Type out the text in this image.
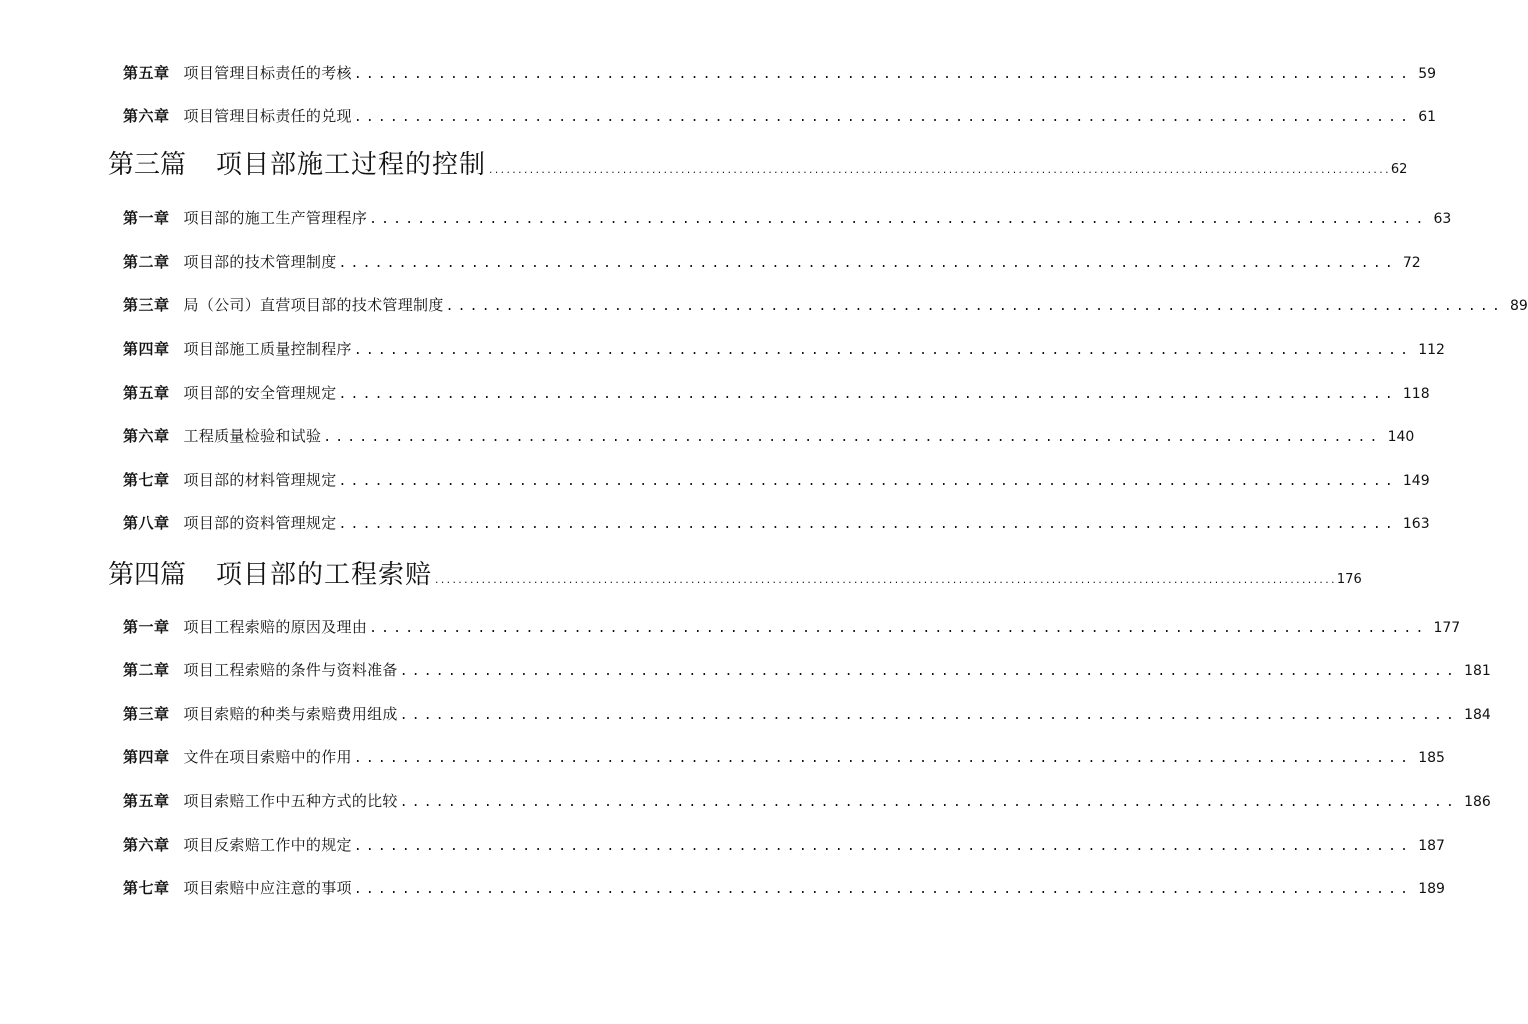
第五章 项目管理目标责任的考核 ........................................................................................ 59
第六章 项目管理目标责任的兑现 ........................................................................................ 61
第三篇 项目部施工过程的控制 ........................................................................................................................................................... 62
第一章 项目部的施工生产管理程序 ........................................................................................ 63
第二章 项目部的技术管理制度 ........................................................................................ 72
第三章 局（公司）直营项目部的技术管理制度 ........................................................................................ 89
第四章 项目部施工质量控制程序 ........................................................................................ 112
第五章 项目部的安全管理规定 ........................................................................................ 118
第六章 工程质量检验和试验 ........................................................................................ 140
第七章 项目部的材料管理规定 ........................................................................................ 149
第八章 项目部的资料管理规定 ........................................................................................ 163
第四篇 项目部的工程索赔 ........................................................................................................................................................... 176
第一章 项目工程索赔的原因及理由 ........................................................................................ 177
第二章 项目工程索赔的条件与资料准备 ........................................................................................ 181
第三章 项目索赔的种类与索赔费用组成 ........................................................................................ 184
第四章 文件在项目索赔中的作用 ........................................................................................ 185
第五章 项目索赔工作中五种方式的比较 ........................................................................................ 186
第六章 项目反索赔工作中的规定 ........................................................................................ 187
第七章 项目索赔中应注意的事项 ........................................................................................ 189
